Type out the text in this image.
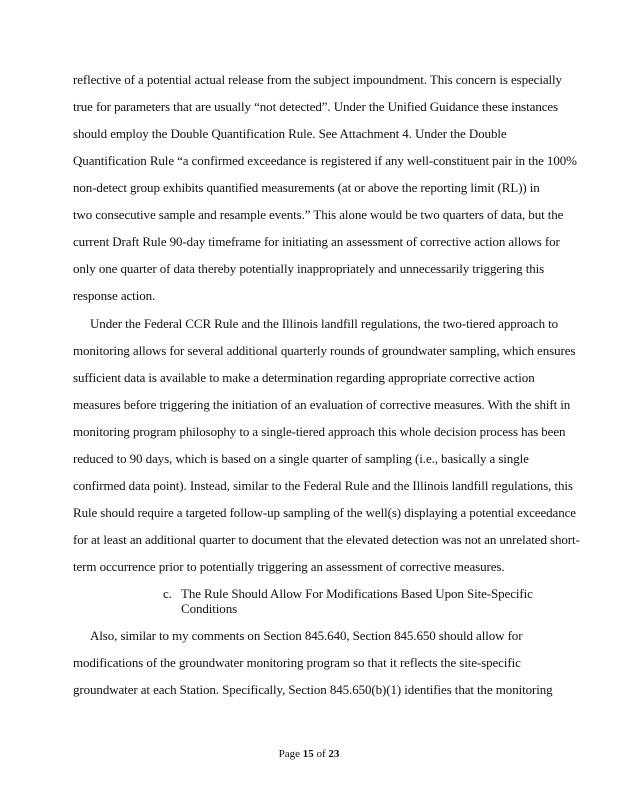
reflective of a potential actual release from the subject impoundment. This concern is especially
true for parameters that are usually “not detected”. Under the Unified Guidance these instances
should employ the Double Quantification Rule. See Attachment 4. Under the Double
Quantification Rule “a confirmed exceedance is registered if any well-constituent pair in the 100%
non-detect group exhibits quantified measurements (at or above the reporting limit (RL)) in
two consecutive sample and resample events.” This alone would be two quarters of data, but the
current Draft Rule 90-day timeframe for initiating an assessment of corrective action allows for
only one quarter of data thereby potentially inappropriately and unnecessarily triggering this
response action.
Under the Federal CCR Rule and the Illinois landfill regulations, the two-tiered approach to
monitoring allows for several additional quarterly rounds of groundwater sampling, which ensures
sufficient data is available to make a determination regarding appropriate corrective action
measures before triggering the initiation of an evaluation of corrective measures. With the shift in
monitoring program philosophy to a single-tiered approach this whole decision process has been
reduced to 90 days, which is based on a single quarter of sampling (i.e., basically a single
confirmed data point). Instead, similar to the Federal Rule and the Illinois landfill regulations, this
Rule should require a targeted follow-up sampling of the well(s) displaying a potential exceedance
for at least an additional quarter to document that the elevated detection was not an unrelated short-
term occurrence prior to potentially triggering an assessment of corrective measures.
c. The Rule Should Allow For Modifications Based Upon Site-Specific
Conditions
Also, similar to my comments on Section 845.640, Section 845.650 should allow for
modifications of the groundwater monitoring program so that it reflects the site-specific
groundwater at each Station. Specifically, Section 845.650(b)(1) identifies that the monitoring
Page 15 of 23
